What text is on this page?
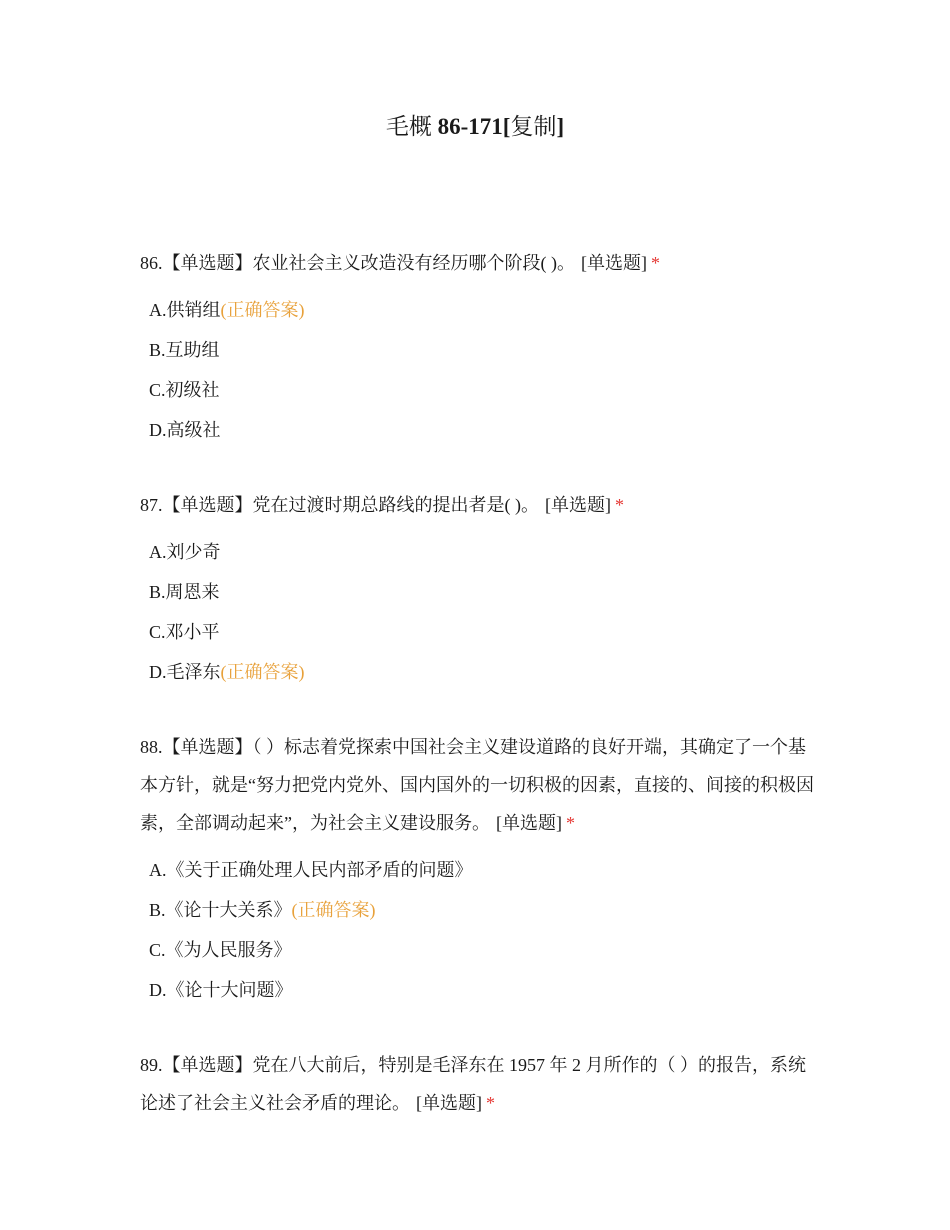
毛概 86-171[复制]

86.【单选题】农业社会主义改造没有经历哪个阶段( )。 [单选题] *

A.供销组(正确答案)
B.互助组
C.初级社
D.高级社

87.【单选题】党在过渡时期总路线的提出者是( )。 [单选题] *

A.刘少奇
B.周恩来
C.邓小平
D.毛泽东(正确答案)

88.【单选题】（ ）标志着党探索中国社会主义建设道路的良好开端，其确定了一个基本方针，就是“努力把党内党外、国内国外的一切积极的因素，直接的、间接的积极因素，全部调动起来”，为社会主义建设服务。 [单选题] *

A.《关于正确处理人民内部矛盾的问题》
B.《论十大关系》(正确答案)
C.《为人民服务》
D.《论十大问题》

89.【单选题】党在八大前后，特别是毛泽东在 1957 年 2 月所作的（ ）的报告，系统论述了社会主义社会矛盾的理论。 [单选题] *
